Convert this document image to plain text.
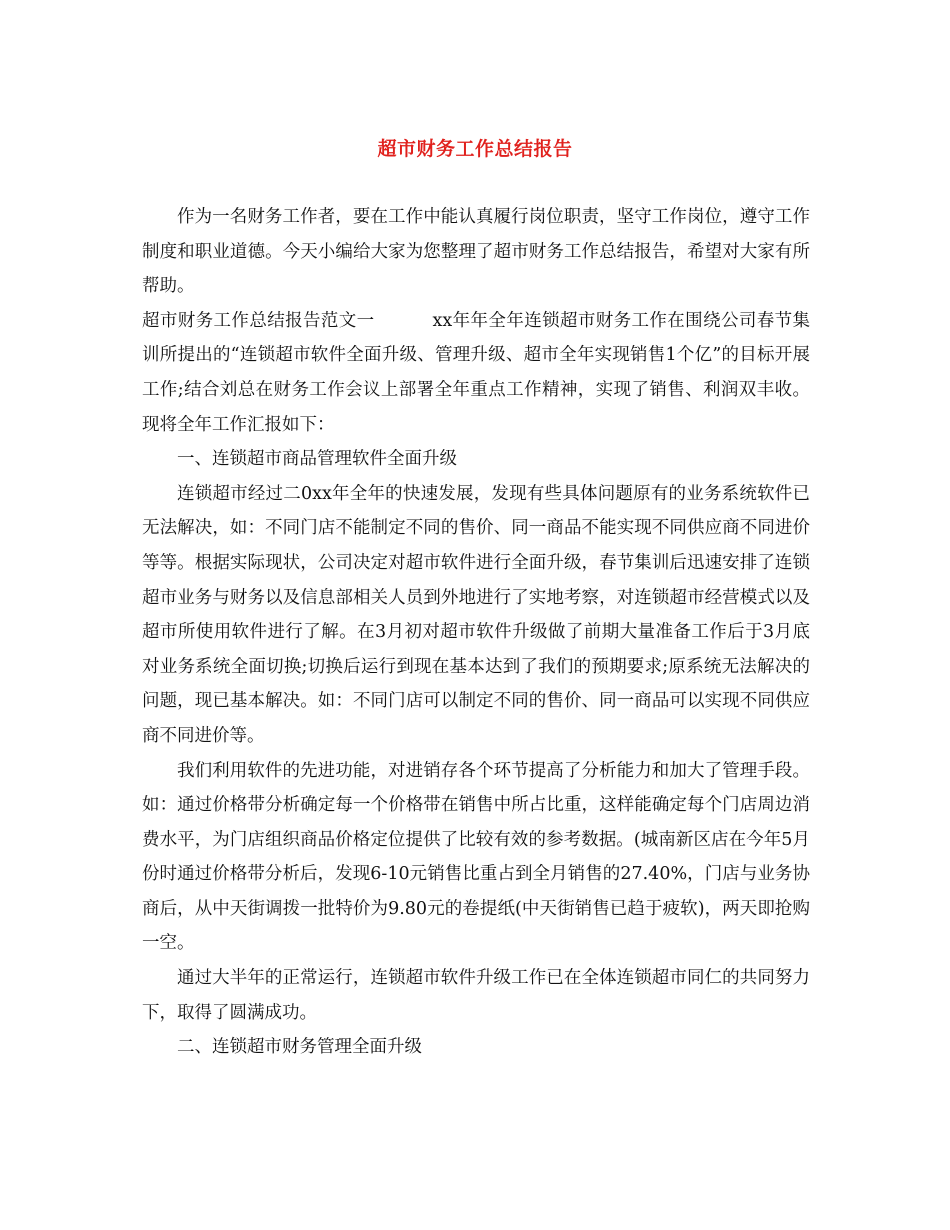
超市财务工作总结报告

作为一名财务工作者，要在工作中能认真履行岗位职责，坚守工作岗位，遵守工作制度和职业道德。今天小编给大家为您整理了超市财务工作总结报告，希望对大家有所帮助。

超市财务工作总结报告范文一	xx年年全年连锁超市财务工作在围绕公司春节集训所提出的“连锁超市软件全面升级、管理升级、超市全年实现销售1个亿”的目标开展工作;结合刘总在财务工作会议上部署全年重点工作精神，实现了销售、利润双丰收。现将全年工作汇报如下：

一、连锁超市商品管理软件全面升级

连锁超市经过二0xx年全年的快速发展，发现有些具体问题原有的业务系统软件已无法解决，如：不同门店不能制定不同的售价、同一商品不能实现不同供应商不同进价等等。根据实际现状，公司决定对超市软件进行全面升级，春节集训后迅速安排了连锁超市业务与财务以及信息部相关人员到外地进行了实地考察，对连锁超市经营模式以及超市所使用软件进行了解。在3月初对超市软件升级做了前期大量准备工作后于3月底对业务系统全面切换;切换后运行到现在基本达到了我们的预期要求;原系统无法解决的问题，现已基本解决。如：不同门店可以制定不同的售价、同一商品可以实现不同供应商不同进价等。

我们利用软件的先进功能，对进销存各个环节提高了分析能力和加大了管理手段。如：通过价格带分析确定每一个价格带在销售中所占比重，这样能确定每个门店周边消费水平，为门店组织商品价格定位提供了比较有效的参考数据。(城南新区店在今年5月份时通过价格带分析后，发现6-10元销售比重占到全月销售的27.40%，门店与业务协商后，从中天街调拨一批特价为9.80元的卷提纸(中天街销售已趋于疲软)，两天即抢购一空。

通过大半年的正常运行，连锁超市软件升级工作已在全体连锁超市同仁的共同努力下，取得了圆满成功。

二、连锁超市财务管理全面升级
